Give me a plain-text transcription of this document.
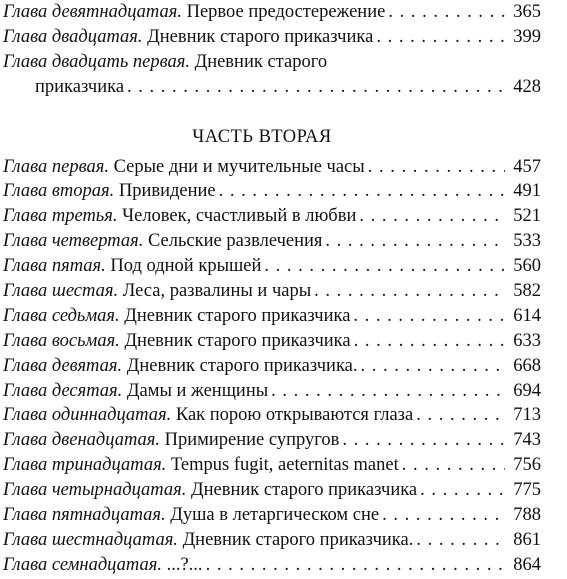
Глава девятнадцатая. Первое предостережение . . .	365
Глава двадцатая. Дневник старого приказчика . . .	399
Глава двадцать первая. Дневник старого
приказчика . . .	428
ЧАСТЬ ВТОРАЯ
Глава первая. Серые дни и мучительные часы . . .	457
Глава вторая. Привидение . . .	491
Глава третья. Человек, счастливый в любви . . .	521
Глава четвертая. Сельские развлечения . . .	533
Глава пятая. Под одной крышей . . .	560
Глава шестая. Леса, развалины и чары . . .	582
Глава седьмая. Дневник старого приказчика . . .	614
Глава восьмая. Дневник старого приказчика . . .	633
Глава девятая. Дневник старого приказчика. . . .	668
Глава десятая. Дамы и женщины . . .	694
Глава одиннадцатая. Как порою открываются глаза . . .	713
Глава двенадцатая. Примирение супругов . . .	743
Глава тринадцатая. Tempus fugit, aeternitas manet . . .	756
Глава четырнадцатая. Дневник старого приказчика . . .	775
Глава пятнадцатая. Душа в летаргическом сне . . .	788
Глава шестнадцатая. Дневник старого приказчика. . . .	861
Глава семнадцатая. ...?... . . .	864
